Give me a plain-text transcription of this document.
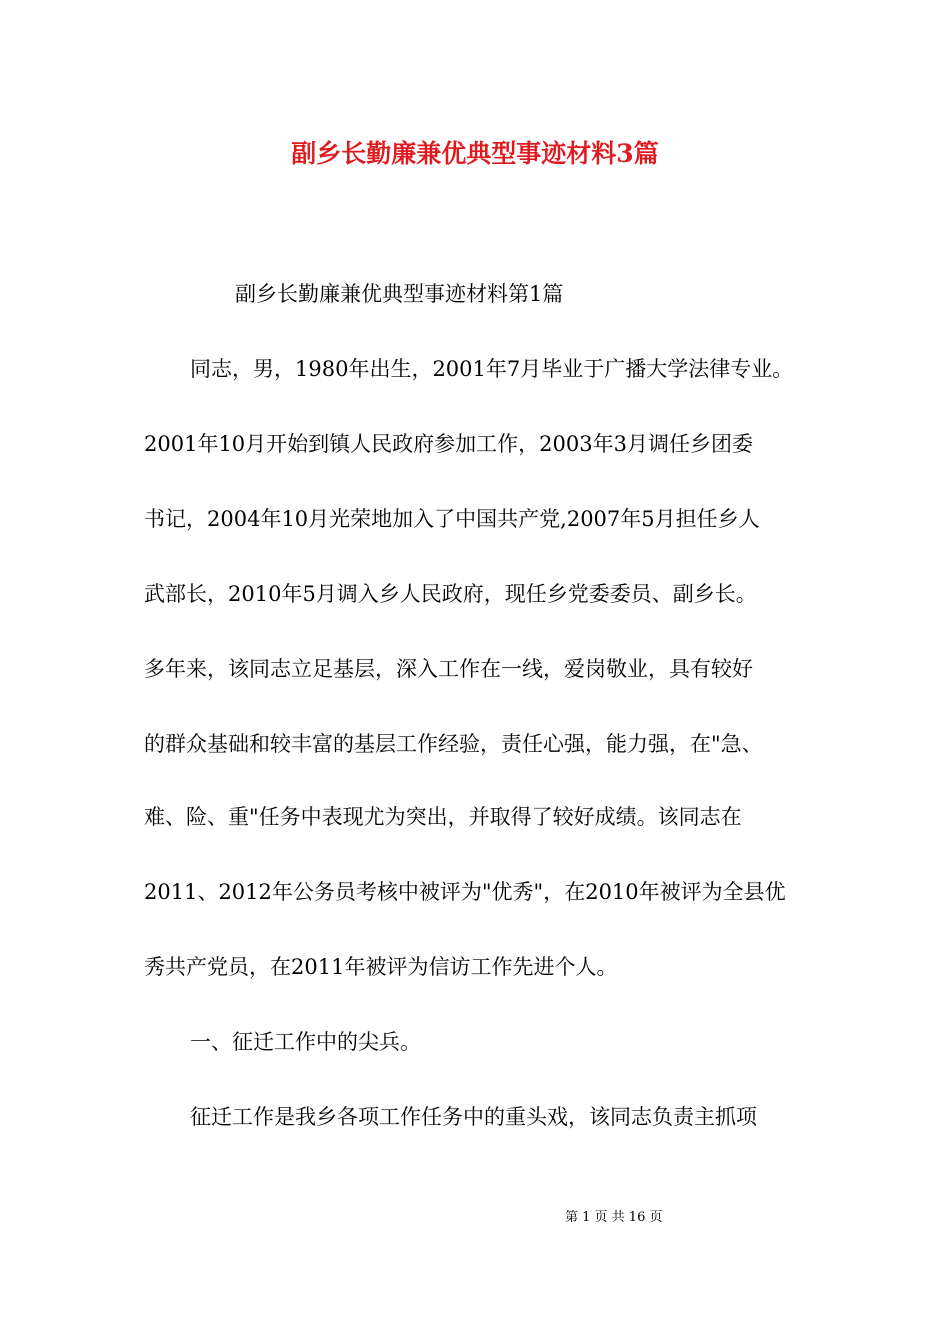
副乡长勤廉兼优典型事迹材料3篇
副乡长勤廉兼优典型事迹材料第1篇
同志，男，1980年出生，2001年7月毕业于广播大学法律专业。
2001年10月开始到镇人民政府参加工作，2003年3月调任乡团委
书记，2004年10月光荣地加入了中国共产党,2007年5月担任乡人
武部长，2010年5月调入乡人民政府，现任乡党委委员、副乡长。
多年来，该同志立足基层，深入工作在一线，爱岗敬业，具有较好
的群众基础和较丰富的基层工作经验，责任心强，能力强，在"急、
难、险、重"任务中表现尤为突出，并取得了较好成绩。该同志在
2011、2012年公务员考核中被评为"优秀"，在2010年被评为全县优
秀共产党员，在2011年被评为信访工作先进个人。
一、征迁工作中的尖兵。
征迁工作是我乡各项工作任务中的重头戏，该同志负责主抓项
第 1 页 共 16 页
